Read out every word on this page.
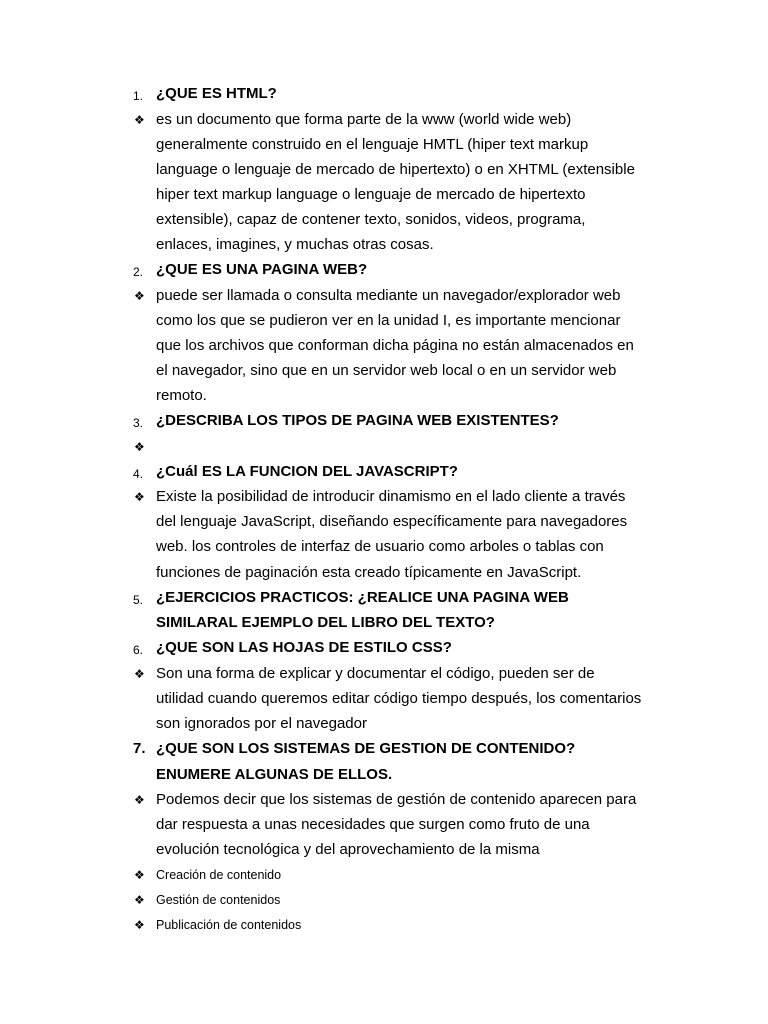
1. ¿QUE ES HTML?
❖ es un documento que forma parte de la www (world wide web)
generalmente construido en el lenguaje HMTL (hiper text markup
language o lenguaje de mercado de hipertexto) o en XHTML (extensible
hiper text markup language o lenguaje de mercado de hipertexto
extensible), capaz de contener texto, sonidos, videos, programa,
enlaces, imagines, y muchas otras cosas.
2. ¿QUE ES UNA PAGINA WEB?
❖ puede ser llamada o consulta mediante un navegador/explorador web
como los que se pudieron ver en la unidad I, es importante mencionar
que los archivos que conforman dicha página no están almacenados en
el navegador, sino que en un servidor web local o en un servidor web
remoto.
3. ¿DESCRIBA LOS TIPOS DE PAGINA WEB EXISTENTES?
❖
4. ¿Cuál ES LA FUNCION DEL JAVASCRIPT?
❖ Existe la posibilidad de introducir dinamismo en el lado cliente a través
del lenguaje JavaScript, diseñando específicamente para navegadores
web. los controles de interfaz de usuario como arboles o tablas con
funciones de paginación esta creado típicamente en JavaScript.
5. ¿EJERCICIOS PRACTICOS: ¿REALICE UNA PAGINA WEB
SIMILARAL EJEMPLO DEL LIBRO DEL TEXTO?
6. ¿QUE SON LAS HOJAS DE ESTILO CSS?
❖ Son una forma de explicar y documentar el código, pueden ser de
utilidad cuando queremos editar código tiempo después, los comentarios
son ignorados por el navegador
7. ¿QUE SON LOS SISTEMAS DE GESTION DE CONTENIDO?
ENUMERE ALGUNAS DE ELLOS.
❖ Podemos decir que los sistemas de gestión de contenido aparecen para
dar respuesta a unas necesidades que surgen como fruto de una
evolución tecnológica y del aprovechamiento de la misma
❖ Creación de contenido
❖ Gestión de contenidos
❖ Publicación de contenidos
